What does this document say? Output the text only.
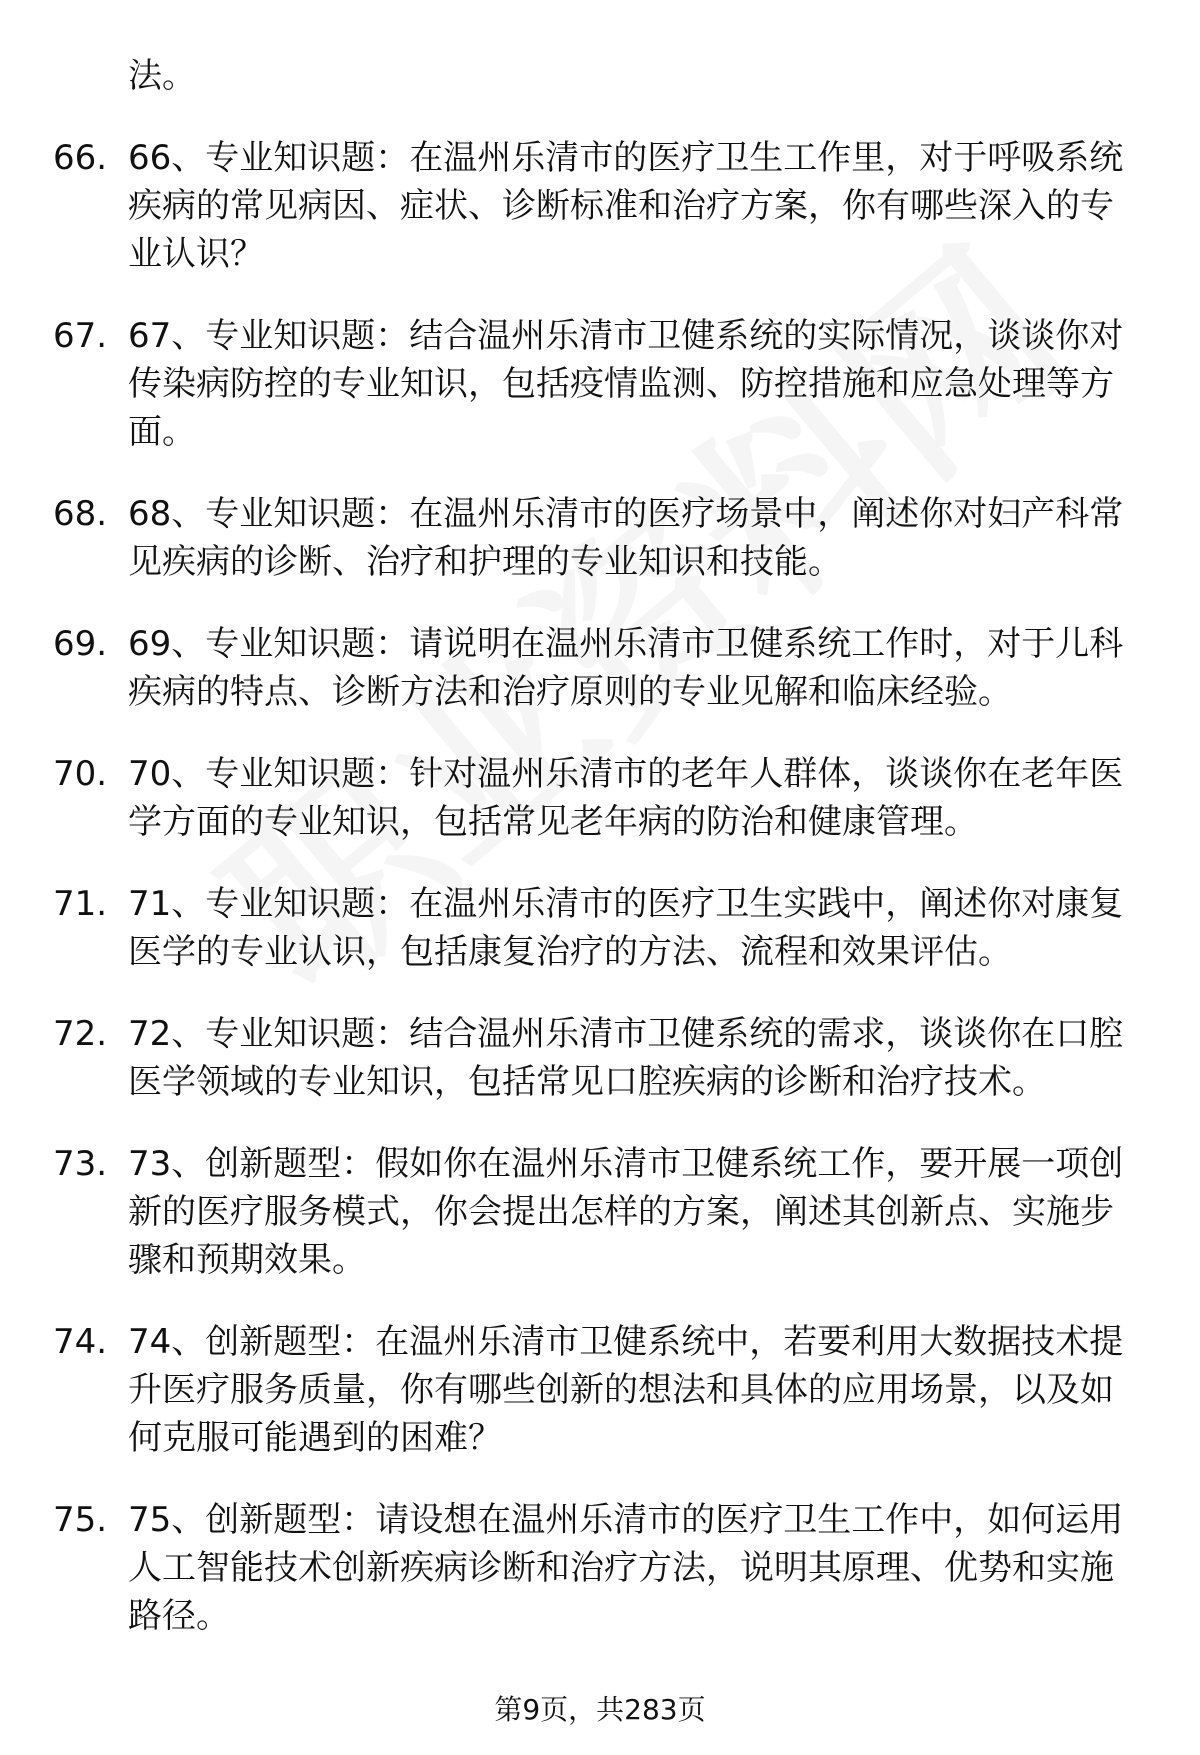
法。
66. 66、专业知识题：在温州乐清市的医疗卫生工作里，对于呼吸系统疾病的常见病因、症状、诊断标准和治疗方案，你有哪些深入的专业认识？
67. 67、专业知识题：结合温州乐清市卫健系统的实际情况，谈谈你对传染病防控的专业知识，包括疫情监测、防控措施和应急处理等方面。
68. 68、专业知识题：在温州乐清市的医疗场景中，阐述你对妇产科常见疾病的诊断、治疗和护理的专业知识和技能。
69. 69、专业知识题：请说明在温州乐清市卫健系统工作时，对于儿科疾病的特点、诊断方法和治疗原则的专业见解和临床经验。
70. 70、专业知识题：针对温州乐清市的老年人群体，谈谈你在老年医学方面的专业知识，包括常见老年病的防治和健康管理。
71. 71、专业知识题：在温州乐清市的医疗卫生实践中，阐述你对康复医学的专业认识，包括康复治疗的方法、流程和效果评估。
72. 72、专业知识题：结合温州乐清市卫健系统的需求，谈谈你在口腔医学领域的专业知识，包括常见口腔疾病的诊断和治疗技术。
73. 73、创新题型：假如你在温州乐清市卫健系统工作，要开展一项创新的医疗服务模式，你会提出怎样的方案，阐述其创新点、实施步骤和预期效果。
74. 74、创新题型：在温州乐清市卫健系统中，若要利用大数据技术提升医疗服务质量，你有哪些创新的想法和具体的应用场景，以及如何克服可能遇到的困难？
75. 75、创新题型：请设想在温州乐清市的医疗卫生工作中，如何运用人工智能技术创新疾病诊断和治疗方法，说明其原理、优势和实施路径。
第9页，共283页
